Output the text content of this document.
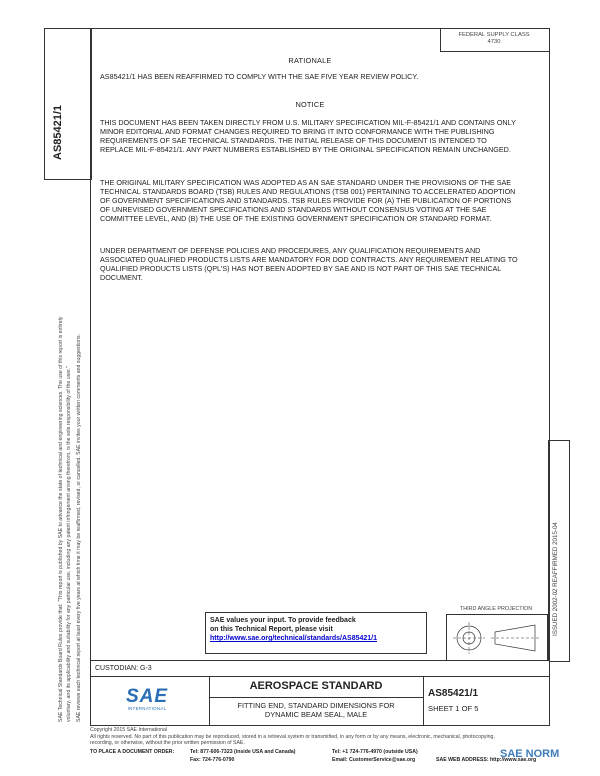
FEDERAL SUPPLY CLASS
4730
AS85421/1
SAE Technical Standards Board Rules provide that: "This report is published by SAE to advance the state of technical and engineering sciences. The use of this report is entirely voluntary, and its applicability and suitability for any particular use, including any patent infringement arising therefrom, is the sole responsibility of the user." SAE reviews each technical report at least every five years at which time it may be reaffirmed, revised, or cancelled. SAE invites your written comments and suggestions.	ISSUED 2002-02 REAFFIRMED 2015-04
RATIONALE
AS85421/1 HAS BEEN REAFFIRMED TO COMPLY WITH THE SAE FIVE YEAR REVIEW POLICY.
NOTICE
THIS DOCUMENT HAS BEEN TAKEN DIRECTLY FROM U.S. MILITARY SPECIFICATION MIL-F-85421/1 AND CONTAINS ONLY MINOR EDITORIAL AND FORMAT CHANGES REQUIRED TO BRING IT INTO CONFORMANCE WITH THE PUBLISHING REQUIREMENTS OF SAE TECHNICAL STANDARDS. THE INITIAL RELEASE OF THIS DOCUMENT IS INTENDED TO REPLACE MIL-F-85421/1. ANY PART NUMBERS ESTABLISHED BY THE ORIGINAL SPECIFICATION REMAIN UNCHANGED.
THE ORIGINAL MILITARY SPECIFICATION WAS ADOPTED AS AN SAE STANDARD UNDER THE PROVISIONS OF THE SAE TECHNICAL STANDARDS BOARD (TSB) RULES AND REGULATIONS (TSB 001) PERTAINING TO ACCELERATED ADOPTION OF GOVERNMENT SPECIFICATIONS AND STANDARDS. TSB RULES PROVIDE FOR (A) THE PUBLICATION OF PORTIONS OF UNREVISED GOVERNMENT SPECIFICATIONS AND STANDARDS WITHOUT CONSENSUS VOTING AT THE SAE COMMITTEE LEVEL, AND (B) THE USE OF THE EXISTING GOVERNMENT SPECIFICATION OR STANDARD FORMAT.
UNDER DEPARTMENT OF DEFENSE POLICIES AND PROCEDURES, ANY QUALIFICATION REQUIREMENTS AND ASSOCIATED QUALIFIED PRODUCTS LISTS ARE MANDATORY FOR DOD CONTRACTS. ANY REQUIREMENT RELATING TO QUALIFIED PRODUCTS LISTS (QPL'S) HAS NOT BEEN ADOPTED BY SAE AND IS NOT PART OF THIS SAE TECHNICAL DOCUMENT.
SAE values your input. To provide feedback
on this Technical Report, please visit
http://www.sae.org/technical/standards/AS85421/1
THIRD ANGLE PROJECTION
CUSTODIAN: G-3
SAE
INTERNATIONAL
AEROSPACE STANDARD
FITTING END, STANDARD DIMENSIONS FOR
DYNAMIC BEAM SEAL, MALE
AS85421/1
SHEET 1 OF 5
Copyright 2015 SAE International
All rights reserved. No part of this publication may be reproduced, stored in a retrieval system or transmitted, in any form or by any means, electronic, mechanical, photocopying,
recording, or otherwise, without the prior written permission of SAE.
TO PLACE A DOCUMENT ORDER:	Tel: 877-606-7323 (inside USA and Canada)
Fax: 724-776-0790
Tel: +1 724-776-4970 (outside USA)
Email: CustomerService@sae.org	SAE WEB ADDRESS: http://www.sae.org
SAE NORM
